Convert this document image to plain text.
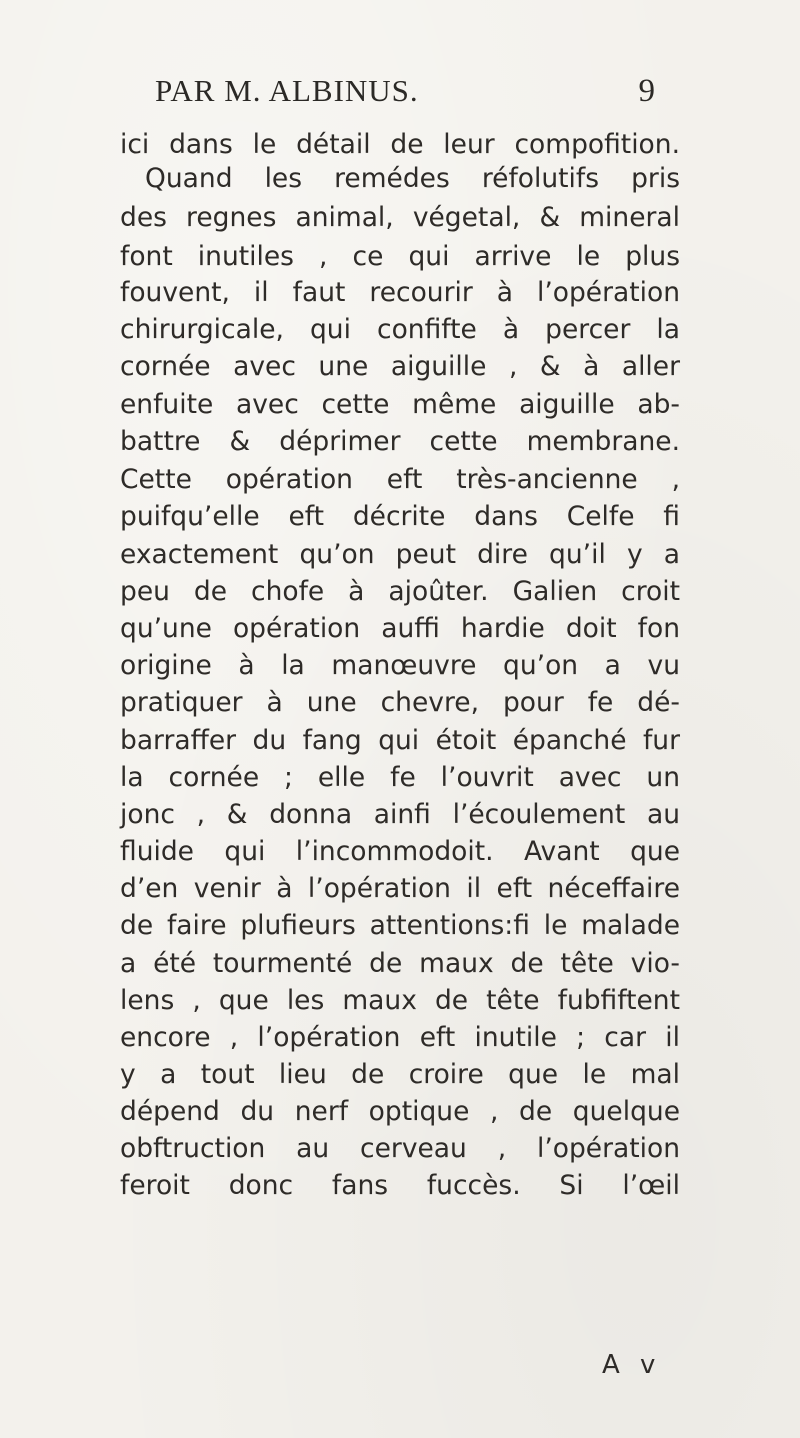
PAR M. ALBINUS.	9
ici dans le détail de leur compofition.
Quand les remédes réfolutifs pris
des regnes animal, végetal, & mineral
font inutiles , ce qui arrive le plus
fouvent, il faut recourir à l’opération
chirurgicale, qui confifte à percer la
cornée avec une aiguille , & à aller
enfuite avec cette même aiguille ab-
battre & déprimer cette membrane.
Cette opération eft très-ancienne ,
puifqu’elle eft décrite dans Celfe fi
exactement qu’on peut dire qu’il y a
peu de chofe à ajoûter. Galien croit
qu’une opération auffi hardie doit fon
origine à la manœuvre qu’on a vu
pratiquer à une chevre, pour fe dé-
barraffer du fang qui étoit épanché fur
la cornée ; elle fe l’ouvrit avec un
jonc , & donna ainfi l’écoulement au
fluide qui l’incommodoit. Avant que
d’en venir à l’opération il eft néceffaire
de faire plufieurs attentions:fi le malade
a été tourmenté de maux de tête vio-
lens , que les maux de tête fubfiftent
encore , l’opération eft inutile ; car il
y a tout lieu de croire que le mal
dépend du nerf optique , de quelque
obftruction au cerveau , l’opération
feroit donc fans fuccès. Si l’œil
A v
